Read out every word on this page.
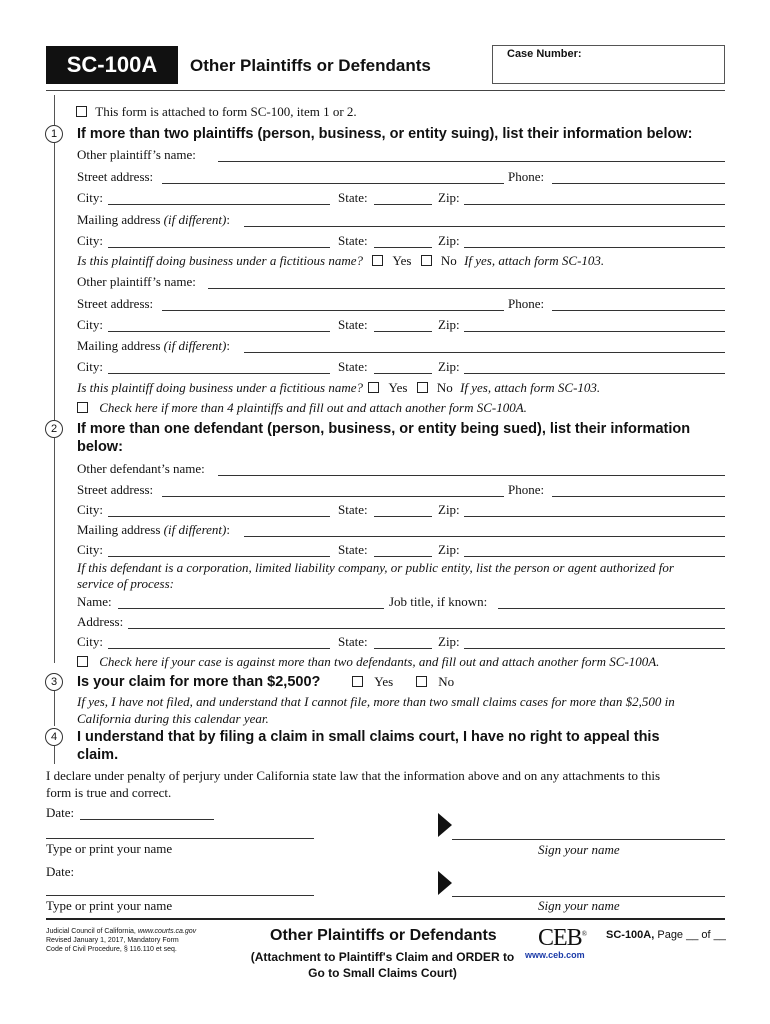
SC-100A Other Plaintiffs or Defendants
Case Number:
This form is attached to form SC-100, item 1 or 2.
1	If more than two plaintiffs (person, business, or entity suing), list their information below:
Other plaintiff’s name:
Street address:	Phone:
City:	State:	Zip:
Mailing address (if different):
City:	State:	Zip:
Is this plaintiff doing business under a fictitious name? Yes No If yes, attach form SC-103.
Other plaintiff’s name:
Street address:	Phone:
City:	State:	Zip:
Mailing address (if different):
City:	State:	Zip:
Is this plaintiff doing business under a fictitious name? Yes No If yes, attach form SC-103.
Check here if more than 4 plaintiffs and fill out and attach another form SC-100A.
2	If more than one defendant (person, business, or entity being sued), list their information
below:
Other defendant’s name:
Street address:	Phone:
City:	State:	Zip:
Mailing address (if different):
City:	State:	Zip:
If this defendant is a corporation, limited liability company, or public entity, list the person or agent authorized for
service of process:
Name:	Job title, if known:
Address:
City:	State:	Zip:
Check here if your case is against more than two defendants, and fill out and attach another form SC-100A.
3	Is your claim for more than $2,500?	Yes	No
If yes, I have not filed, and understand that I cannot file, more than two small claims cases for more than $2,500 in
California during this calendar year.
4	I understand that by filing a claim in small claims court, I have no right to appeal this
claim.
I declare under penalty of perjury under California state law that the information above and on any attachments to this
form is true and correct.
Date:
Type or print your name	Sign your name
Date:
Type or print your name	Sign your name
Judicial Council of California, www.courts.ca.gov
Revised January 1, 2017, Mandatory Form
Code of Civil Procedure, § 116.110 et seq.
Other Plaintiffs or Defendants
(Attachment to Plaintiff's Claim and ORDER to Go to Small Claims Court)
CEB®
www.ceb.com
SC-100A, Page __ of __
